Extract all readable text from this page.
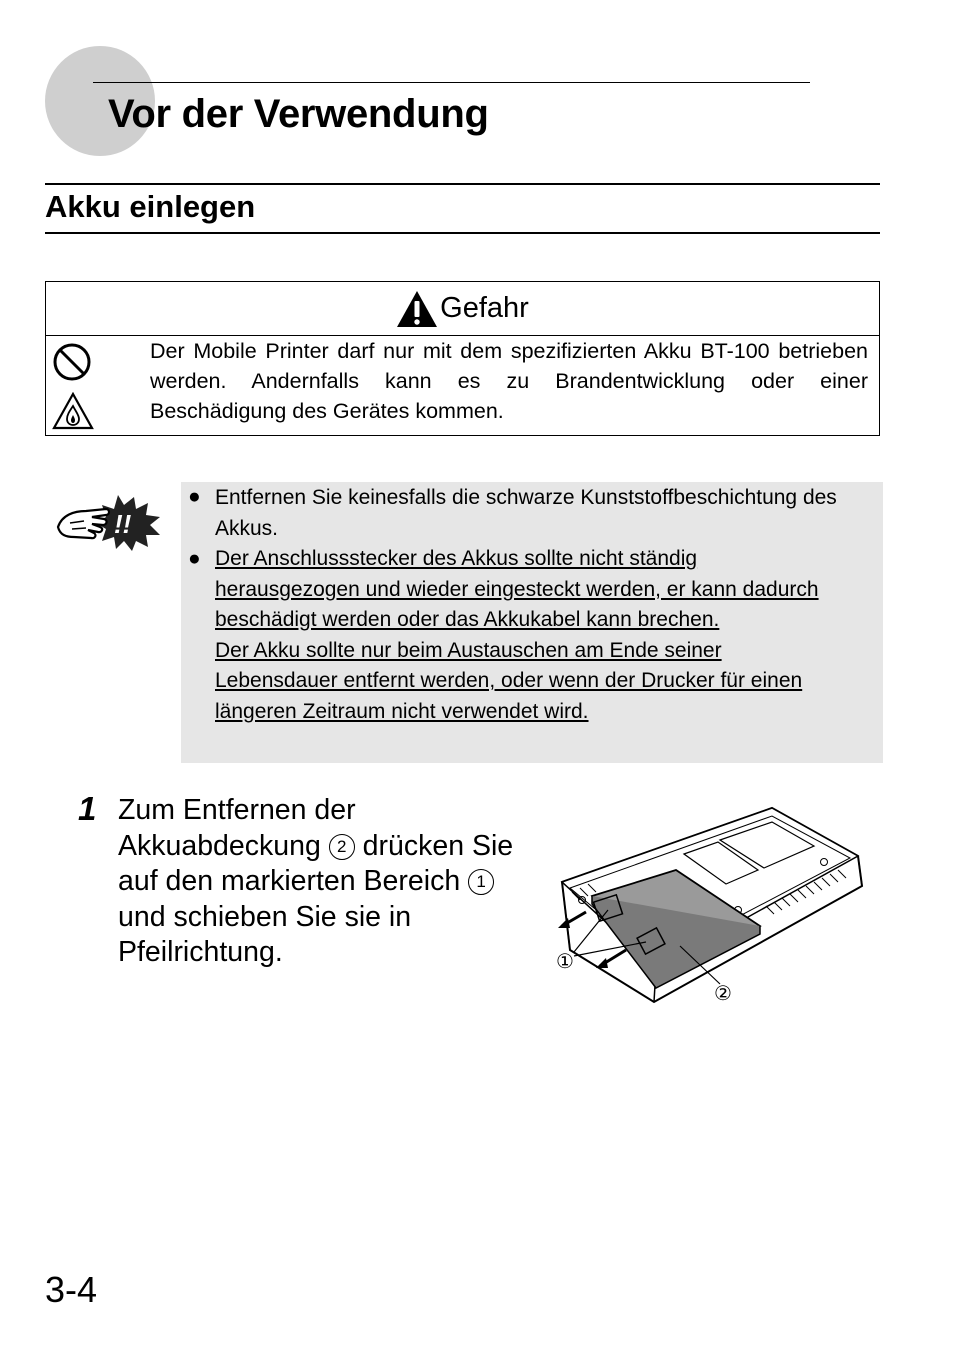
Vor der Verwendung
Akku einlegen
Gefahr

Der Mobile Printer darf nur mit dem spezifizierten Akku BT-100 betrieben werden. Andernfalls kann es zu Brandentwicklung oder einer Beschädigung des Gerätes kommen.

!!
● Entfernen Sie keinesfalls die schwarze Kunststoffbeschichtung des Akkus.
● Der Anschlussstecker des Akkus sollte nicht ständig herausgezogen und wieder eingesteckt werden, er kann dadurch beschädigt werden oder das Akkukabel kann brechen.
Der Akku sollte nur beim Austauschen am Ende seiner Lebensdauer entfernt werden, oder wenn der Drucker für einen längeren Zeitraum nicht verwendet wird.
1 Zum Entfernen der Akkuabdeckung 2 drücken Sie auf den markierten Bereich 1 und schieben Sie sie in Pfeilrichtung.	①
②
3-4
